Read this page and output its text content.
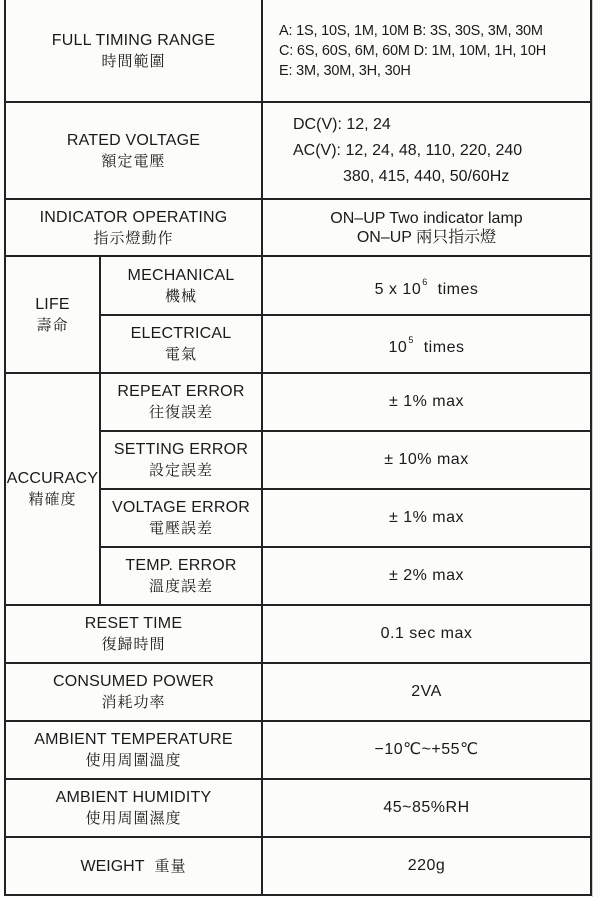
FULL TIMING RANGE
時間範圍		A: 1S, 10S, 1M, 10M B: 3S, 30S, 3M, 30M
C: 6S, 60S, 6M, 60M D: 1M, 10M, 1H, 10H
E: 3M, 30M, 3H, 30H

RATED VOLTAGE
額定電壓		DC(V): 12, 24
AC(V): 12, 24, 48, 110, 220, 240
380, 415, 440, 50/60Hz

INDICATOR OPERATING
指示燈動作		ON–UP Two indicator lamp
ON–UP 兩只指示燈

LIFE
壽命	MECHANICAL
機械	5 x $10^6$ times

	ELECTRICAL
電氣	$10^5$ times

ACCURACY
精確度	REPEAT ERROR
往復誤差	± 1% max

	SETTING ERROR
設定誤差	± 10% max

	VOLTAGE ERROR
電壓誤差	± 1% max

	TEMP. ERROR
溫度誤差	± 2% max

RESET TIME
復歸時間		0.1 sec max

CONSUMED POWER
消耗功率		2VA

AMBIENT TEMPERATURE
使用周圍溫度		−10℃~+55℃

AMBIENT HUMIDITY
使用周圍濕度		45~85%RH
WEIGHT 重量		220g
